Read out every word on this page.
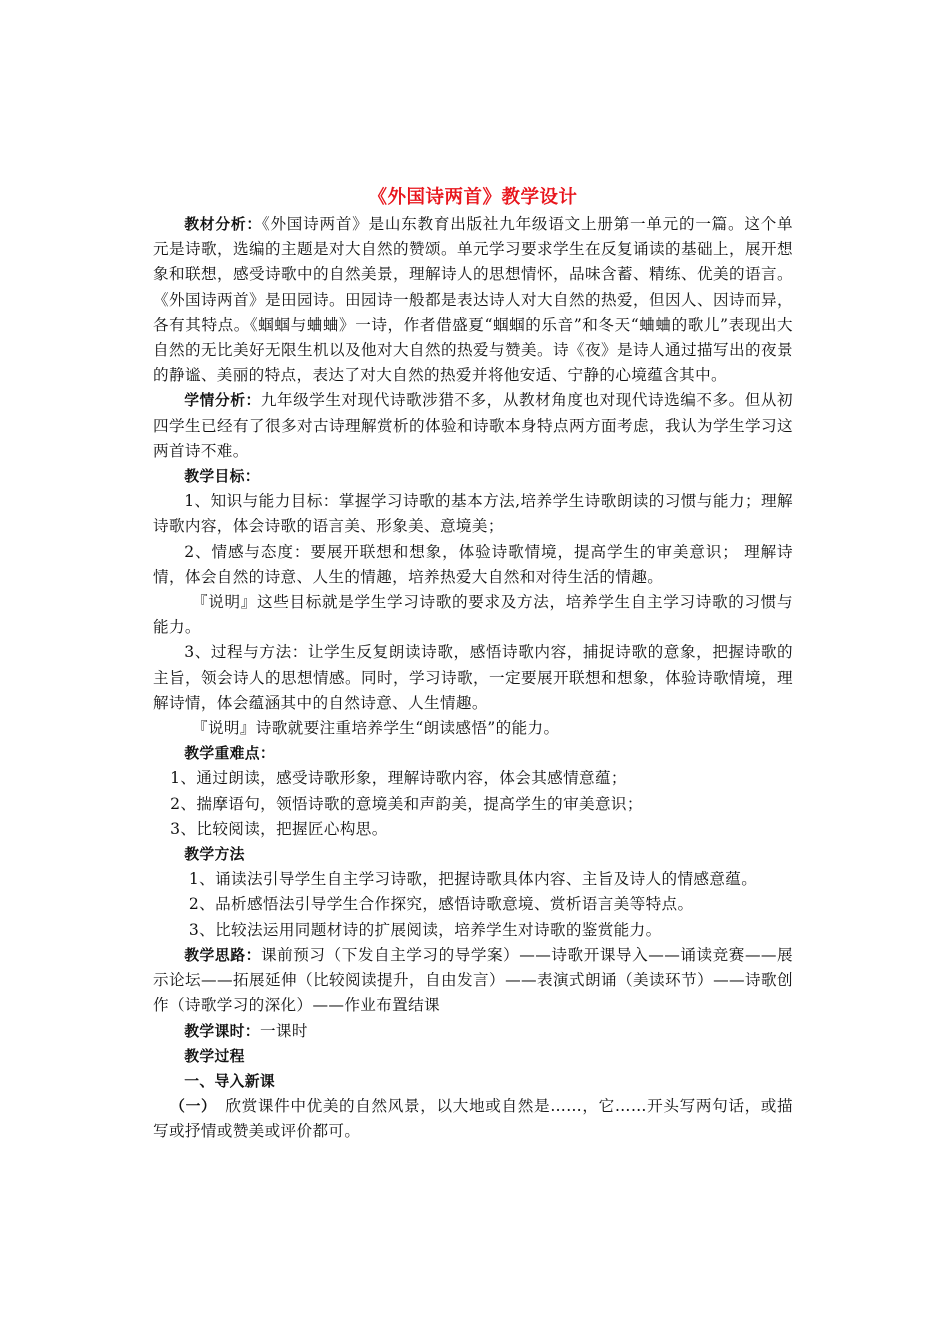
《外国诗两首》教学设计

教材分析：《外国诗两首》是山东教育出版社九年级语文上册第一单元的一篇。这个单元是诗歌，选编的主题是对大自然的赞颂。单元学习要求学生在反复诵读的基础上，展开想象和联想，感受诗歌中的自然美景，理解诗人的思想情怀，品味含蓄、精练、优美的语言。《外国诗两首》是田园诗。田园诗一般都是表达诗人对大自然的热爱，但因人、因诗而异，各有其特点。《蝈蝈与蛐蛐》一诗，作者借盛夏“蝈蝈的乐音”和冬天“蛐蛐的歌儿”表现出大自然的无比美好无限生机以及他对大自然的热爱与赞美。诗《夜》是诗人通过描写出的夜景的静谧、美丽的特点，表达了对大自然的热爱并将他安适、宁静的心境蕴含其中。

学情分析：九年级学生对现代诗歌涉猎不多，从教材角度也对现代诗选编不多。但从初四学生已经有了很多对古诗理解赏析的体验和诗歌本身特点两方面考虑，我认为学生学习这两首诗不难。

教学目标：

1、知识与能力目标：掌握学习诗歌的基本方法,培养学生诗歌朗读的习惯与能力；理解诗歌内容，体会诗歌的语言美、形象美、意境美；

2、情感与态度：要展开联想和想象，体验诗歌情境，提高学生的审美意识； 理解诗情，体会自然的诗意、人生的情趣，培养热爱大自然和对待生活的情趣。

『说明』这些目标就是学生学习诗歌的要求及方法，培养学生自主学习诗歌的习惯与能力。

3、过程与方法：让学生反复朗读诗歌，感悟诗歌内容，捕捉诗歌的意象，把握诗歌的主旨，领会诗人的思想情感。同时，学习诗歌，一定要展开联想和想象，体验诗歌情境，理解诗情，体会蕴涵其中的自然诗意、人生情趣。

『说明』诗歌就要注重培养学生“朗读感悟”的能力。

教学重难点：

1、通过朗读，感受诗歌形象，理解诗歌内容，体会其感情意蕴；

2、揣摩语句，领悟诗歌的意境美和声韵美，提高学生的审美意识；

3、比较阅读，把握匠心构思。

教学方法

1、诵读法引导学生自主学习诗歌，把握诗歌具体内容、主旨及诗人的情感意蕴。

2、品析感悟法引导学生合作探究，感悟诗歌意境、赏析语言美等特点。

3、比较法运用同题材诗的扩展阅读，培养学生对诗歌的鉴赏能力。

教学思路：课前预习（下发自主学习的导学案）——诗歌开课导入——诵读竞赛——展示论坛——拓展延伸（比较阅读提升，自由发言）——表演式朗诵（美读环节）——诗歌创作（诗歌学习的深化）——作业布置结课

教学课时：一课时

教学过程

一、导入新课

（一）　欣赏课件中优美的自然风景，以大地或自然是……，它……开头写两句话，或描写或抒情或赞美或评价都可。
